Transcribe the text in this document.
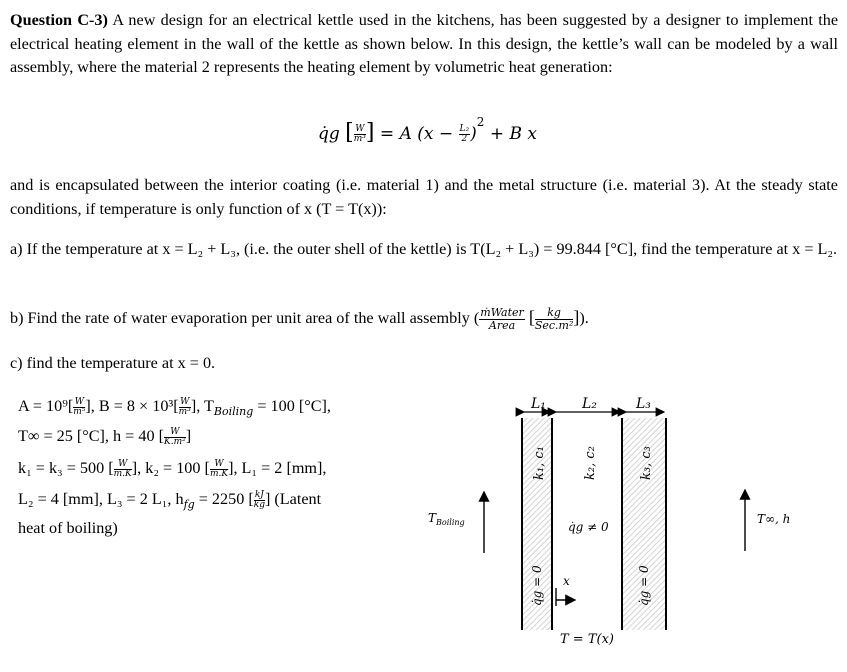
Question C-3) A new design for an electrical kettle used in the kitchens, has been suggested by a designer to implement the electrical heating element in the wall of the kettle as shown below. In this design, the kettle’s wall can be modeled by a wall assembly, where the material 2 represents the heating element by volumetric heat generation:
q̇g [ $\frac{W}{\text{m³}}$ ] = A $(x - \frac{\text{L₂}}{2} )^2 + B$ x
and is encapsulated between the interior coating (i.e. material 1) and the metal structure (i.e. material 3). At the steady state conditions, if temperature is only function of x (T = T(x)):
a) If the temperature at x = L₂ + L₃, (i.e. the outer shell of the kettle) is T(L₂ + L₃) = 99.844 [°C], find the temperature at x = L₂.
b) Find the rate of water evaporation per unit area of the wall assembly ( $\frac{\text{ṁWater}}{\text{Area}}$ [ $\frac{kg}{\text{Sec.m²}}$ ]).
c) find the temperature at x = 0.
$A = 10^9[ \frac{W}{\text{m⁵}}$ ], $B = 8 \times 10^3[ \frac{W}{\text{m³}}$ ], $T_{Boiling} = 100$ [°C],
T∞ = 25 [°C], h = 40 [ $\frac{W}{\text{K.m²}}$ ]
k₁ = k₃ = 500 [ $\frac{W}{m.K}$ ], k₂ = 100 [ $\frac{W}{m.K}$ ], L₁ = 2 [mm],
L₂ = 4 [mm], L₃ = 2 L₁, $h_{fg} = 2250$ [ $\frac{kJ}{kg}$ ] (Latent
heat of boiling)
L₁	L₂	L₃
k₁, c₁	k₂, c₂	k₃, c₃
q̇g = 0	q̇g = 0
q̇g ≠ 0
x
$T_{Boiling}$	T∞, h
T = T(x)
